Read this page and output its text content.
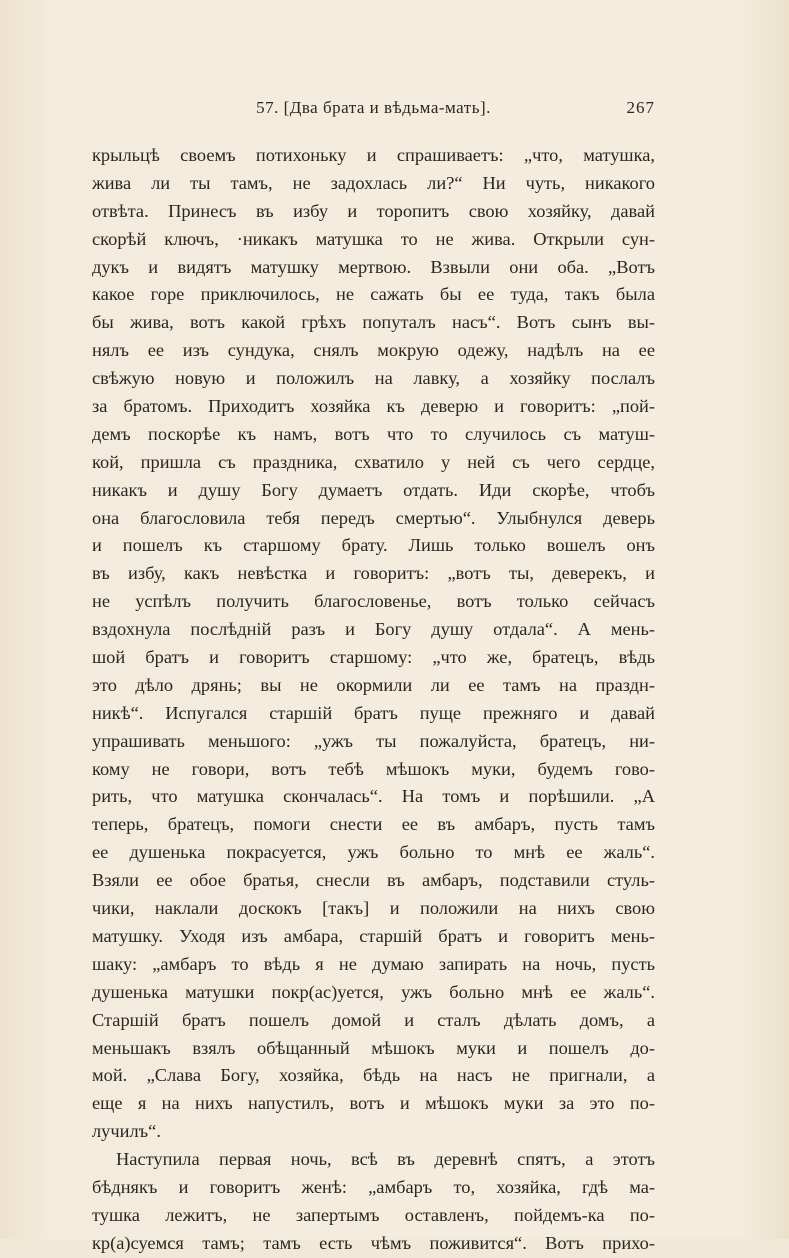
57. [Два брата и вѣдьма-мать].	267
крыльцѣ своемъ потихоньку и спрашиваетъ: „что, матушка,
жива ли ты тамъ, не задохлась ли?“ Ни чуть, никакого
отвѣта. Принесъ въ избу и торопитъ свою хозяйку, давай
скорѣй ключъ, ·никакъ матушка то не жива. Открыли сун-
дукъ и видятъ матушку мертвою. Взвыли они оба. „Вотъ
какое горе приключилось, не сажать бы ее туда, такъ была
бы жива, вотъ какой грѣхъ попуталъ насъ“. Вотъ сынъ вы-
нялъ ее изъ сундука, снялъ мокрую одежу, надѣлъ на ее
свѣжую новую и положилъ на лавку, а хозяйку послалъ
за братомъ. Приходитъ хозяйка къ деверю и говоритъ: „пой-
демъ поскорѣе къ намъ, вотъ что то случилось съ матуш-
кой, пришла съ праздника, схватило у ней съ чего сердце,
никакъ и душу Богу думаетъ отдать. Иди скорѣе, чтобъ
она благословила тебя передъ смертью“. Улыбнулся деверь
и пошелъ къ старшому брату. Лишь только вошелъ онъ
въ избу, какъ невѣстка и говоритъ: „вотъ ты, деверекъ, и
не успѣлъ получить благословенье, вотъ только сейчасъ
вздохнула послѣднiй разъ и Богу душу отдала“. А мень-
шой братъ и говоритъ старшому: „что же, братецъ, вѣдь
это дѣло дрянь; вы не окормили ли ее тамъ на праздн-
никѣ“. Испугался старшiй братъ пуще прежняго и давай
упрашивать меньшого: „ужъ ты пожалуйста, братецъ, ни-
кому не говори, вотъ тебѣ мѣшокъ муки, будемъ гово-
рить, что матушка скончалась“. На томъ и порѣшили. „А
теперь, братецъ, помоги снести ее въ амбаръ, пусть тамъ
ее душенька покрасуется, ужъ больно то мнѣ ее жаль“.
Взяли ее обое братья, снесли въ амбаръ, подставили стуль-
чики, наклали доскокъ [такъ] и положили на нихъ свою
матушку. Уходя изъ амбара, старшiй братъ и говоритъ мень-
шаку: „амбаръ то вѣдь я не думаю запирать на ночь, пусть
душенька матушки покр(ас)уется, ужъ больно мнѣ ее жаль“.
Старшiй братъ пошелъ домой и сталъ дѣлать домъ, а
меньшакъ взялъ обѣщанный мѣшокъ муки и пошелъ до-
мой. „Слава Богу, хозяйка, бѣдь на насъ не пригнали, а
еще я на нихъ напустилъ, вотъ и мѣшокъ муки за это по-
лучилъ“.
Наступила первая ночь, всѣ въ деревнѣ спятъ, а этотъ
бѣднякъ и говоритъ женѣ: „амбаръ то, хозяйка, гдѣ ма-
тушка лежитъ, не запертымъ оставленъ, пойдемъ-ка по-
кр(а)суемся тамъ; тамъ есть чѣмъ поживится“. Вотъ прихо-
